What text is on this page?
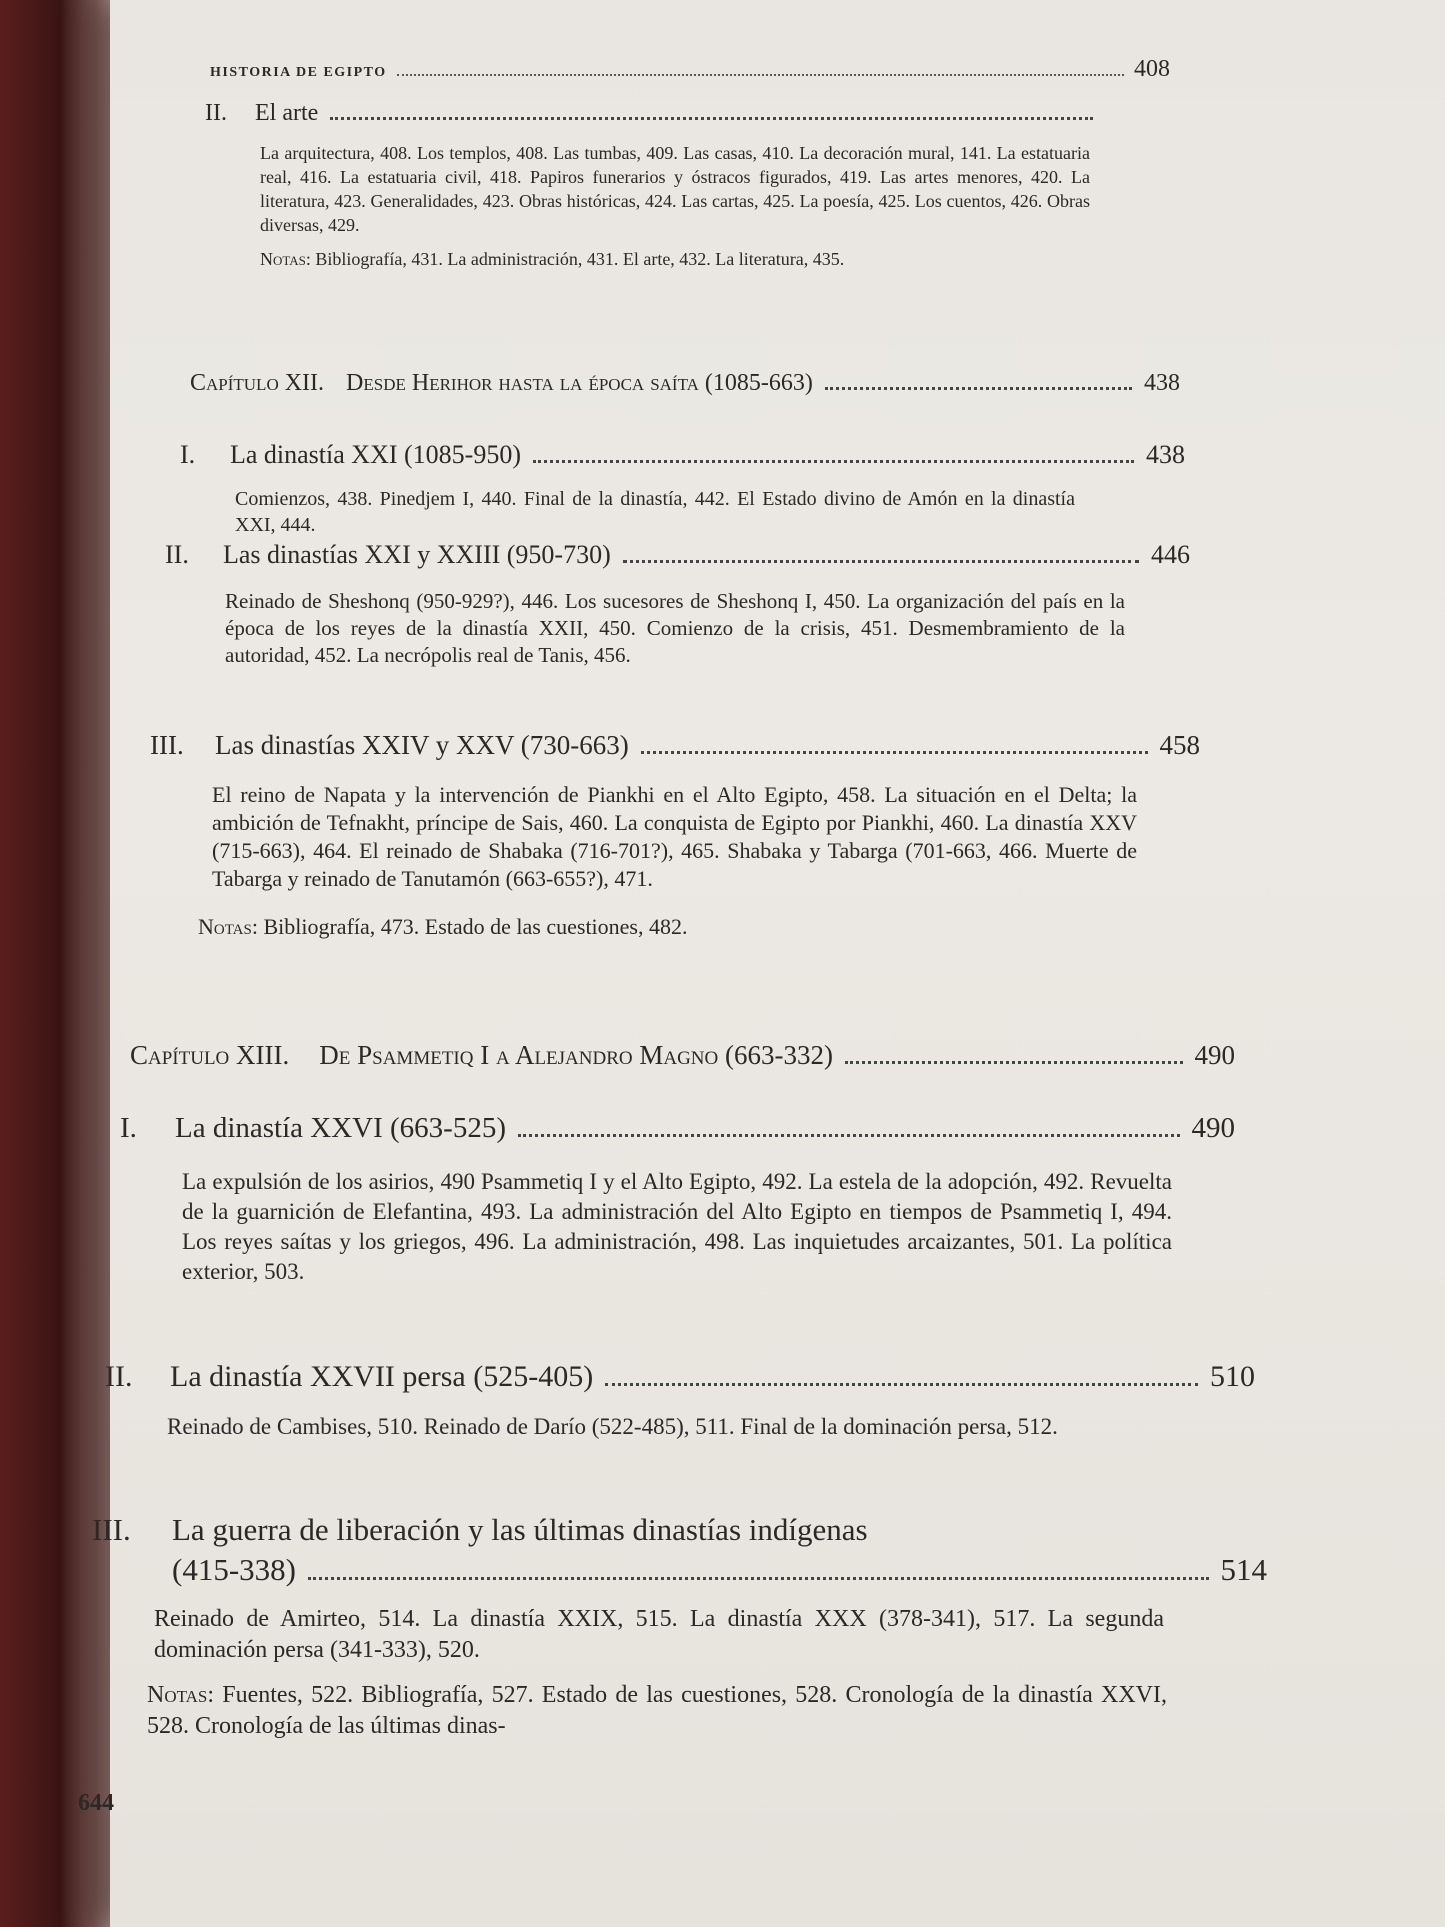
HISTORIA DE EGIPTO	408
II.	El arte
La arquitectura, 408. Los templos, 408. Las tumbas, 409. Las casas, 410. La decoración mural, 141. La estatuaria real, 416. La estatuaria civil, 418. Papiros funerarios y óstracos figurados, 419. Las artes menores, 420. La literatura, 423. Generalidades, 423. Obras históricas, 424. Las cartas, 425. La poesía, 425. Los cuentos, 426. Obras diversas, 429.
Notas: Bibliografía, 431. La administración, 431. El arte, 432. La literatura, 435.
Capítulo XII. Desde Herihor hasta la época saíta (1085-663)	438
I.	La dinastía XXI (1085-950)	438
Comienzos, 438. Pinedjem I, 440. Final de la dinastía, 442. El Estado divino de Amón en la dinastía XXI, 444.
II.	Las dinastías XXI y XXIII (950-730)	446
Reinado de Sheshonq (950-929?), 446. Los sucesores de Sheshonq I, 450. La organización del país en la época de los reyes de la dinastía XXII, 450. Comienzo de la crisis, 451. Desmembramiento de la autoridad, 452. La necrópolis real de Tanis, 456.
III.	Las dinastías XXIV y XXV (730-663)	458
El reino de Napata y la intervención de Piankhi en el Alto Egipto, 458. La situación en el Delta; la ambición de Tefnakht, príncipe de Sais, 460. La conquista de Egipto por Piankhi, 460. La dinastía XXV (715-663), 464. El reinado de Shabaka (716-701?), 465. Shabaka y Tabarga (701-663, 466. Muerte de Tabarga y reinado de Tanutamón (663-655?), 471.
Notas: Bibliografía, 473. Estado de las cuestiones, 482.
Capítulo XIII. De Psammetiq I a Alejandro Magno (663-332)	490
I.	La dinastía XXVI (663-525)	490
La expulsión de los asirios, 490 Psammetiq I y el Alto Egipto, 492. La estela de la adopción, 492. Revuelta de la guarnición de Elefantina, 493. La administración del Alto Egipto en tiempos de Psammetiq I, 494. Los reyes saítas y los griegos, 496. La administración, 498. Las inquietudes arcaizantes, 501. La política exterior, 503.
II.	La dinastía XXVII persa (525-405)	510
Reinado de Cambises, 510. Reinado de Darío (522-485), 511. Final de la dominación persa, 512.
III.	La guerra de liberación y las últimas dinastías indígenas
(415-338)	514
Reinado de Amirteo, 514. La dinastía XXIX, 515. La dinastía XXX (378-341), 517. La segunda dominación persa (341-333), 520.
Notas: Fuentes, 522. Bibliografía, 527. Estado de las cuestiones, 528. Cronología de la dinastía XXVI, 528. Cronología de las últimas dinas-
644
